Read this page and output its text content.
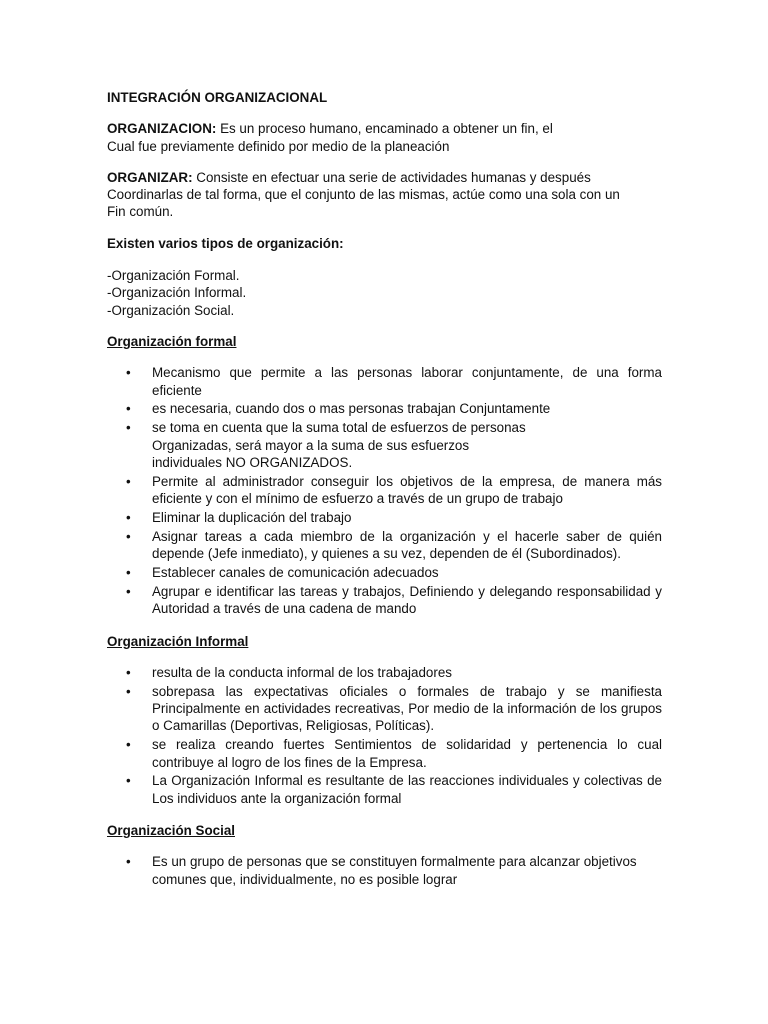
INTEGRACIÓN ORGANIZACIONAL

ORGANIZACION: Es un proceso humano, encaminado a obtener un fin, el
Cual fue previamente definido por medio de la planeación

ORGANIZAR: Consiste en efectuar una serie de actividades humanas y después
Coordinarlas de tal forma, que el conjunto de las mismas, actúe como una sola con un
Fin común.

Existen varios tipos de organización:

-Organización Formal.
-Organización Informal.
-Organización Social.

Organización formal

• Mecanismo que permite a las personas laborar conjuntamente, de una forma eficiente
• es necesaria, cuando dos o mas personas trabajan Conjuntamente
• se toma en cuenta que la suma total de esfuerzos de personas Organizadas, será mayor a la suma de sus esfuerzos individuales NO ORGANIZADOS.
• Permite al administrador conseguir los objetivos de la empresa, de manera más eficiente y con el mínimo de esfuerzo a través de un grupo de trabajo
• Eliminar la duplicación del trabajo
• Asignar tareas a cada miembro de la organización y el hacerle saber de quién depende (Jefe inmediato), y quienes a su vez, dependen de él (Subordinados).
• Establecer canales de comunicación adecuados
• Agrupar e identificar las tareas y trabajos, Definiendo y delegando responsabilidad y Autoridad a través de una cadena de mando

Organización Informal

• resulta de la conducta informal de los trabajadores
• sobrepasa las expectativas oficiales o formales de trabajo y se manifiesta Principalmente en actividades recreativas, Por medio de la información de los grupos o Camarillas (Deportivas, Religiosas, Políticas).
• se realiza creando fuertes Sentimientos de solidaridad y pertenencia lo cual contribuye al logro de los fines de la Empresa.
• La Organización Informal es resultante de las reacciones individuales y colectivas de Los individuos ante la organización formal

Organización Social

• Es un grupo de personas que se constituyen formalmente para alcanzar objetivos comunes que, individualmente, no es posible lograr
